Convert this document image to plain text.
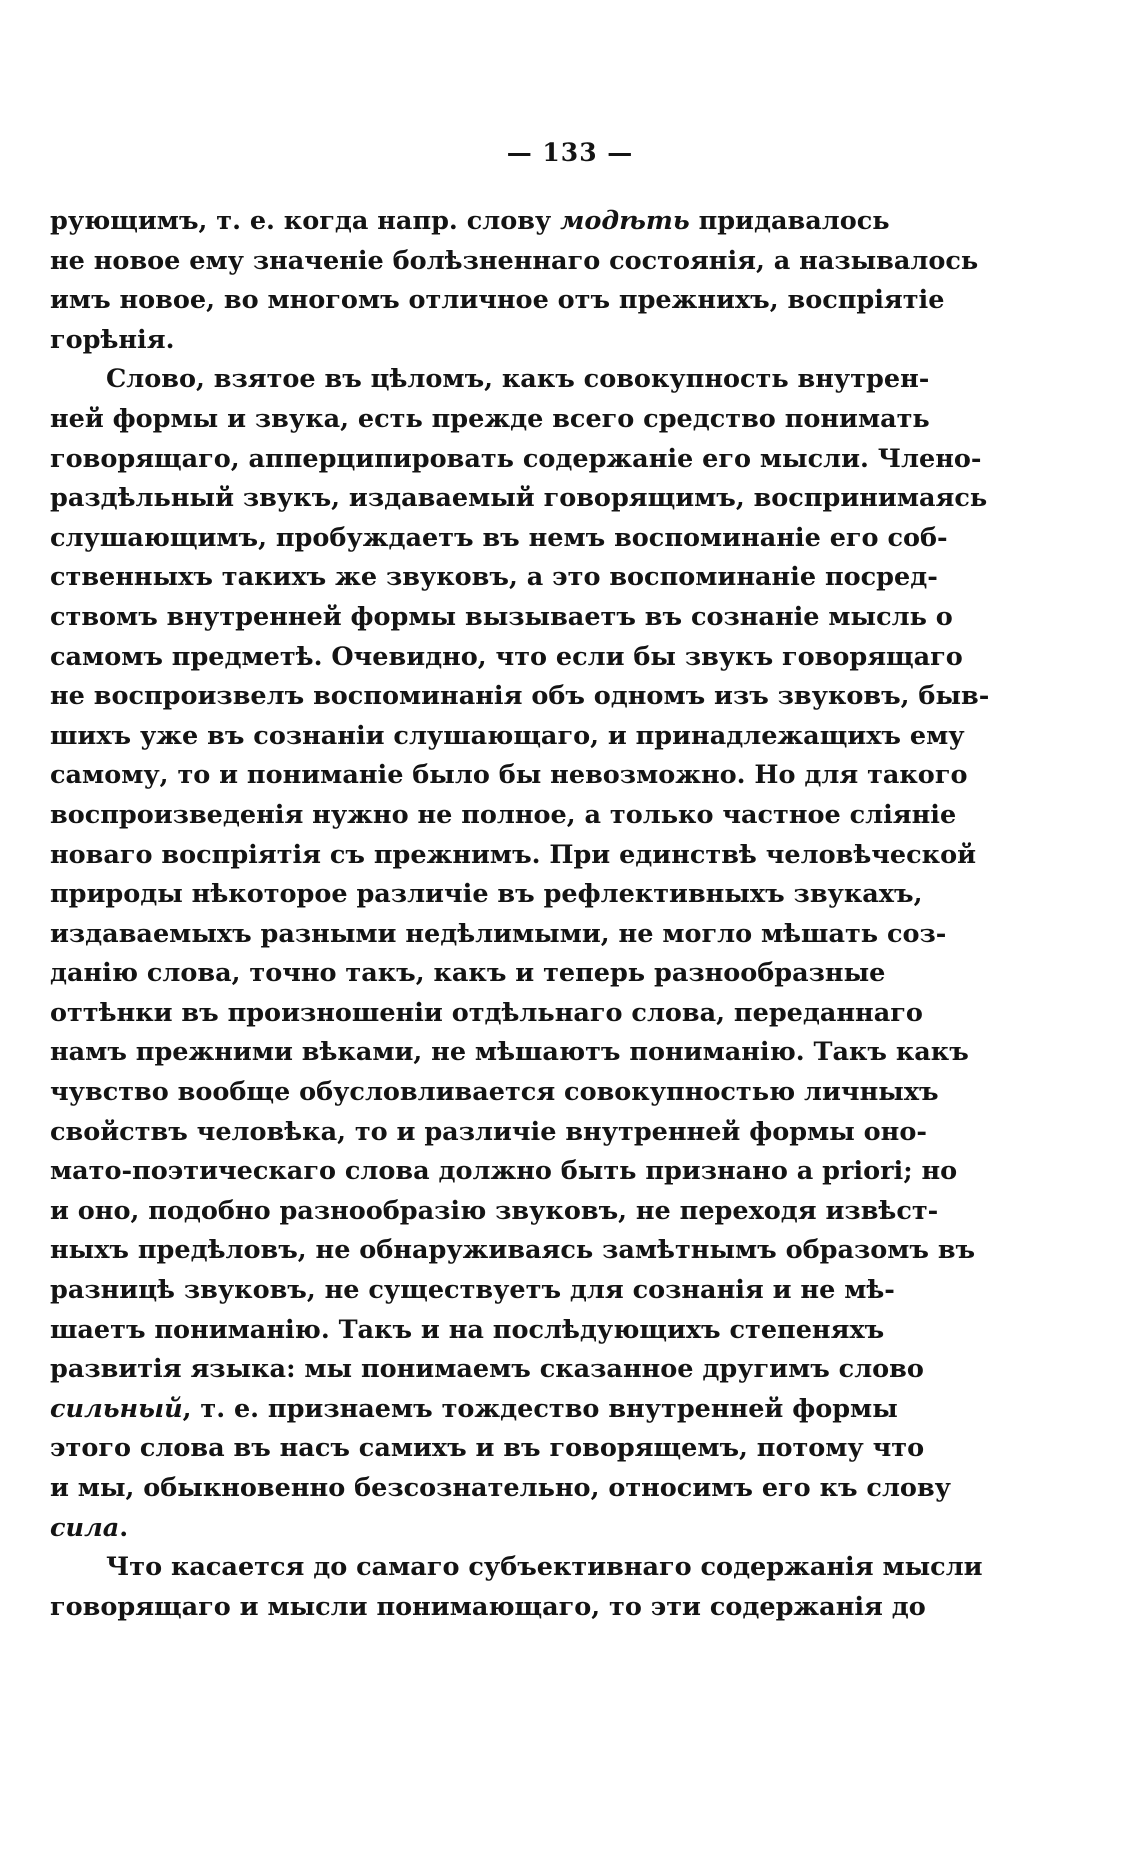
— 133 —
рующимъ, т. е. когда напр. слову модѣть придавалось
не новое ему значеніе болѣзненнаго состоянія, а называлось
имъ новое, во многомъ отличное отъ прежнихъ, воспріятіе
горѣнія.
Слово, взятое въ цѣломъ, какъ совокупность внутрен-
ней формы и звука, есть прежде всего средство понимать
говорящаго, апперципировать содержаніе его мысли. Члено-
раздѣльный звукъ, издаваемый говорящимъ, воспринимаясь
слушающимъ, пробуждаетъ въ немъ воспоминаніе его соб-
ственныхъ такихъ же звуковъ, а это воспоминаніе посред-
ствомъ внутренней формы вызываетъ въ сознаніе мысль о
самомъ предметѣ. Очевидно, что если бы звукъ говорящаго
не воспроизвелъ воспоминанія объ одномъ изъ звуковъ, быв-
шихъ уже въ сознаніи слушающаго, и принадлежащихъ ему
самому, то и пониманіе было бы невозможно. Но для такого
воспроизведенія нужно не полное, а только частное сліяніе
новаго воспріятія съ прежнимъ. При единствѣ человѣческой
природы нѣкоторое различіе въ рефлективныхъ звукахъ,
издаваемыхъ разными недѣлимыми, не могло мѣшать соз-
данію слова, точно такъ, какъ и теперь разнообразные
оттѣнки въ произношеніи отдѣльнаго слова, переданнаго
намъ прежними вѣками, не мѣшаютъ пониманію. Такъ какъ
чувство вообще обусловливается совокупностью личныхъ
свойствъ человѣка, то и различіе внутренней формы оно-
мато-поэтическаго слова должно быть признано a priori; но
и оно, подобно разнообразію звуковъ, не переходя извѣст-
ныхъ предѣловъ, не обнаруживаясь замѣтнымъ образомъ въ
разницѣ звуковъ, не существуетъ для сознанія и не мѣ-
шаетъ пониманію. Такъ и на послѣдующихъ степеняхъ
развитія языка: мы понимаемъ сказанное другимъ слово
сильный, т. е. признаемъ тождество внутренней формы
этого слова въ насъ самихъ и въ говорящемъ, потому что
и мы, обыкновенно безсознательно, относимъ его къ слову
сила.
Что касается до самаго субъективнаго содержанія мысли
говорящаго и мысли понимающаго, то эти содержанія до
